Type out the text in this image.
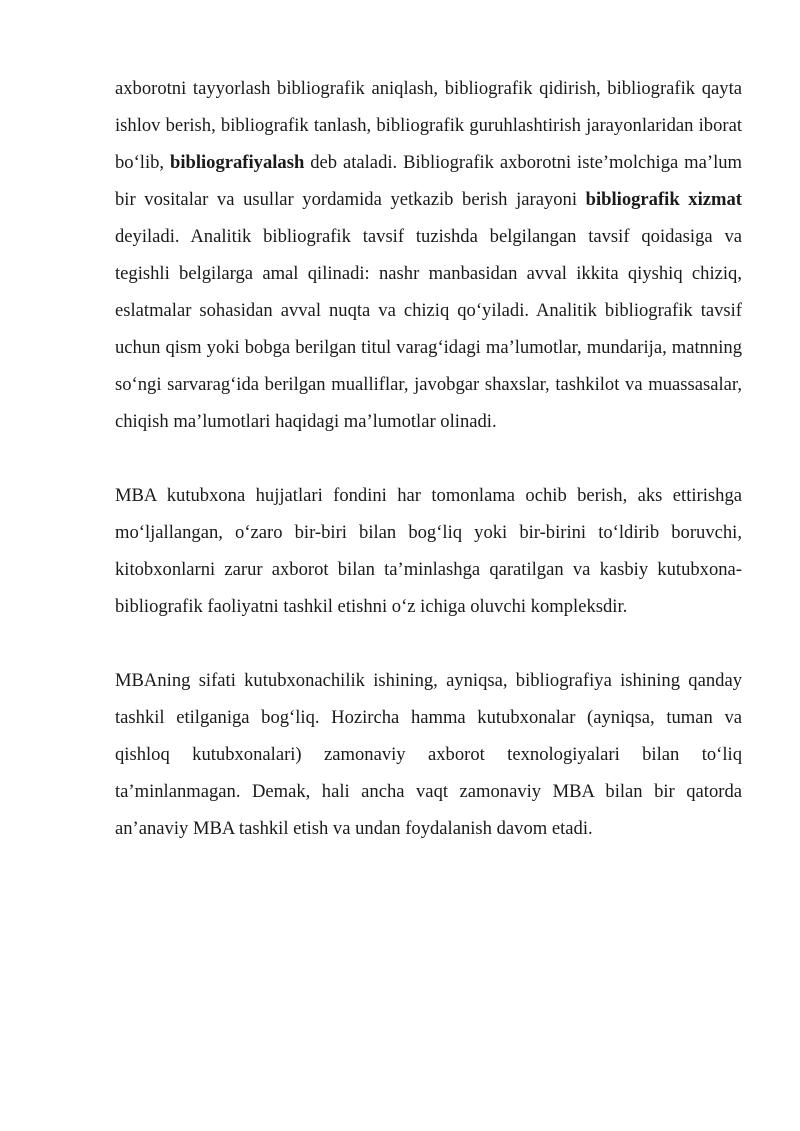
axborotni tayyorlash bibliografik aniqlash, bibliografik qidirish, bibliografik qayta ishlov berish, bibliografik tanlash, bibliografik guruhlashtirish jarayonlaridan iborat bo‘lib, bibliografiyalash deb ataladi. Bibliografik axborotni iste’molchiga ma’lum bir vositalar va usullar yordamida yetkazib berish jarayoni bibliografik xizmat deyiladi. Analitik bibliografik tavsif tuzishda belgilangan tavsif qoidasiga va tegishli belgilarga amal qilinadi: nashr manbasidan avval ikkita qiyshiq chiziq, eslatmalar sohasidan avval nuqta va chiziq qo‘yiladi. Analitik bibliografik tavsif uchun qism yoki bobga berilgan titul varag‘idagi ma’lumotlar, mundarija, matnning so‘ngi sarvarag‘ida berilgan mualliflar, javobgar shaxslar, tashkilot va muassasalar, chiqish ma’lumotlari haqidagi ma’lumotlar olinadi.

MBA kutubxona hujjatlari fondini har tomonlama ochib berish, aks ettirishga mo‘ljallangan, o‘zaro bir-biri bilan bog‘liq yoki bir-birini to‘ldirib boruvchi, kitobxonlarni zarur axborot bilan ta’minlashga qaratilgan va kasbiy kutubxona-bibliografik faoliyatni tashkil etishni o‘z ichiga oluvchi kompleksdir.

MBAning sifati kutubxonachilik ishining, ayniqsa, bibliografiya ishining qanday tashkil etilganiga bog‘liq. Hozircha hamma kutubxonalar (ayniqsa, tuman va qishloq kutubxonalari) zamonaviy axborot texnologiyalari bilan to‘liq ta’minlanmagan. Demak, hali ancha vaqt zamonaviy MBA bilan bir qatorda an’anaviy MBA tashkil etish va undan foydalanish davom etadi.
